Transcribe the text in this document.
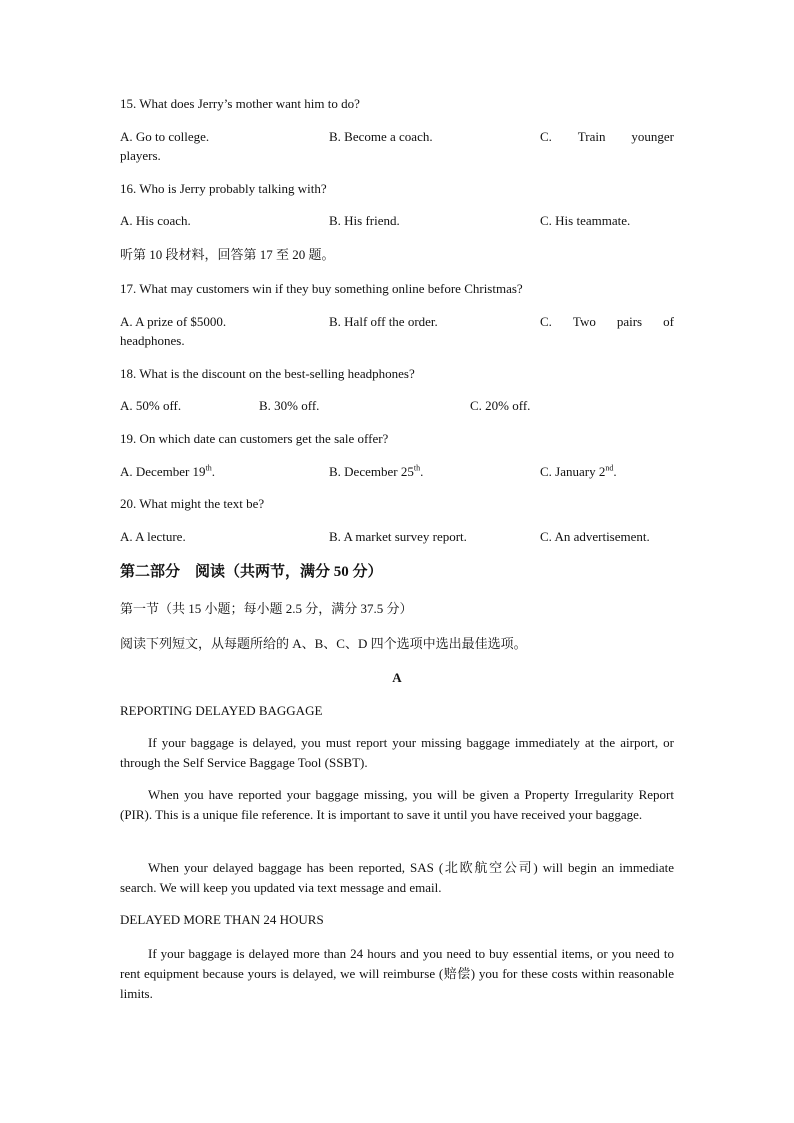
15. What does Jerry’s mother want him to do?
A. Go to college.	B. Become a coach.	C. Train younger
players.
16. Who is Jerry probably talking with?
A. His coach.	B. His friend.	C. His teammate.
听第 10 段材料，回答第 17 至 20 题。
17. What may customers win if they buy something online before Christmas?
A. A prize of $5000.	B. Half off the order.	C. Two pairs of
headphones.
18. What is the discount on the best-selling headphones?
A. 50% off.	B. 30% off.	C. 20% off.
19. On which date can customers get the sale offer?
A. December 19th.	B. December 25th.	C. January 2nd.
20. What might the text be?
A. A lecture.	B. A market survey report.	C. An advertisement.
第二部分　阅读（共两节，满分 50 分）
第一节（共 15 小题；每小题 2.5 分，满分 37.5 分）
阅读下列短文，从每题所给的 A、B、C、D 四个选项中选出最佳选项。
A
REPORTING DELAYED BAGGAGE
If your baggage is delayed, you must report your missing baggage immediately at the airport, or through the Self Service Baggage Tool (SSBT).
When you have reported your baggage missing, you will be given a Property Irregularity Report (PIR). This is a unique file reference. It is important to save it until you have received your baggage.
When your delayed baggage has been reported, SAS (北欧航空公司) will begin an immediate search. We will keep you updated via text message and email.
DELAYED MORE THAN 24 HOURS
If your baggage is delayed more than 24 hours and you need to buy essential items, or you need to rent equipment because yours is delayed, we will reimburse (赔偿) you for these costs within reasonable limits.
